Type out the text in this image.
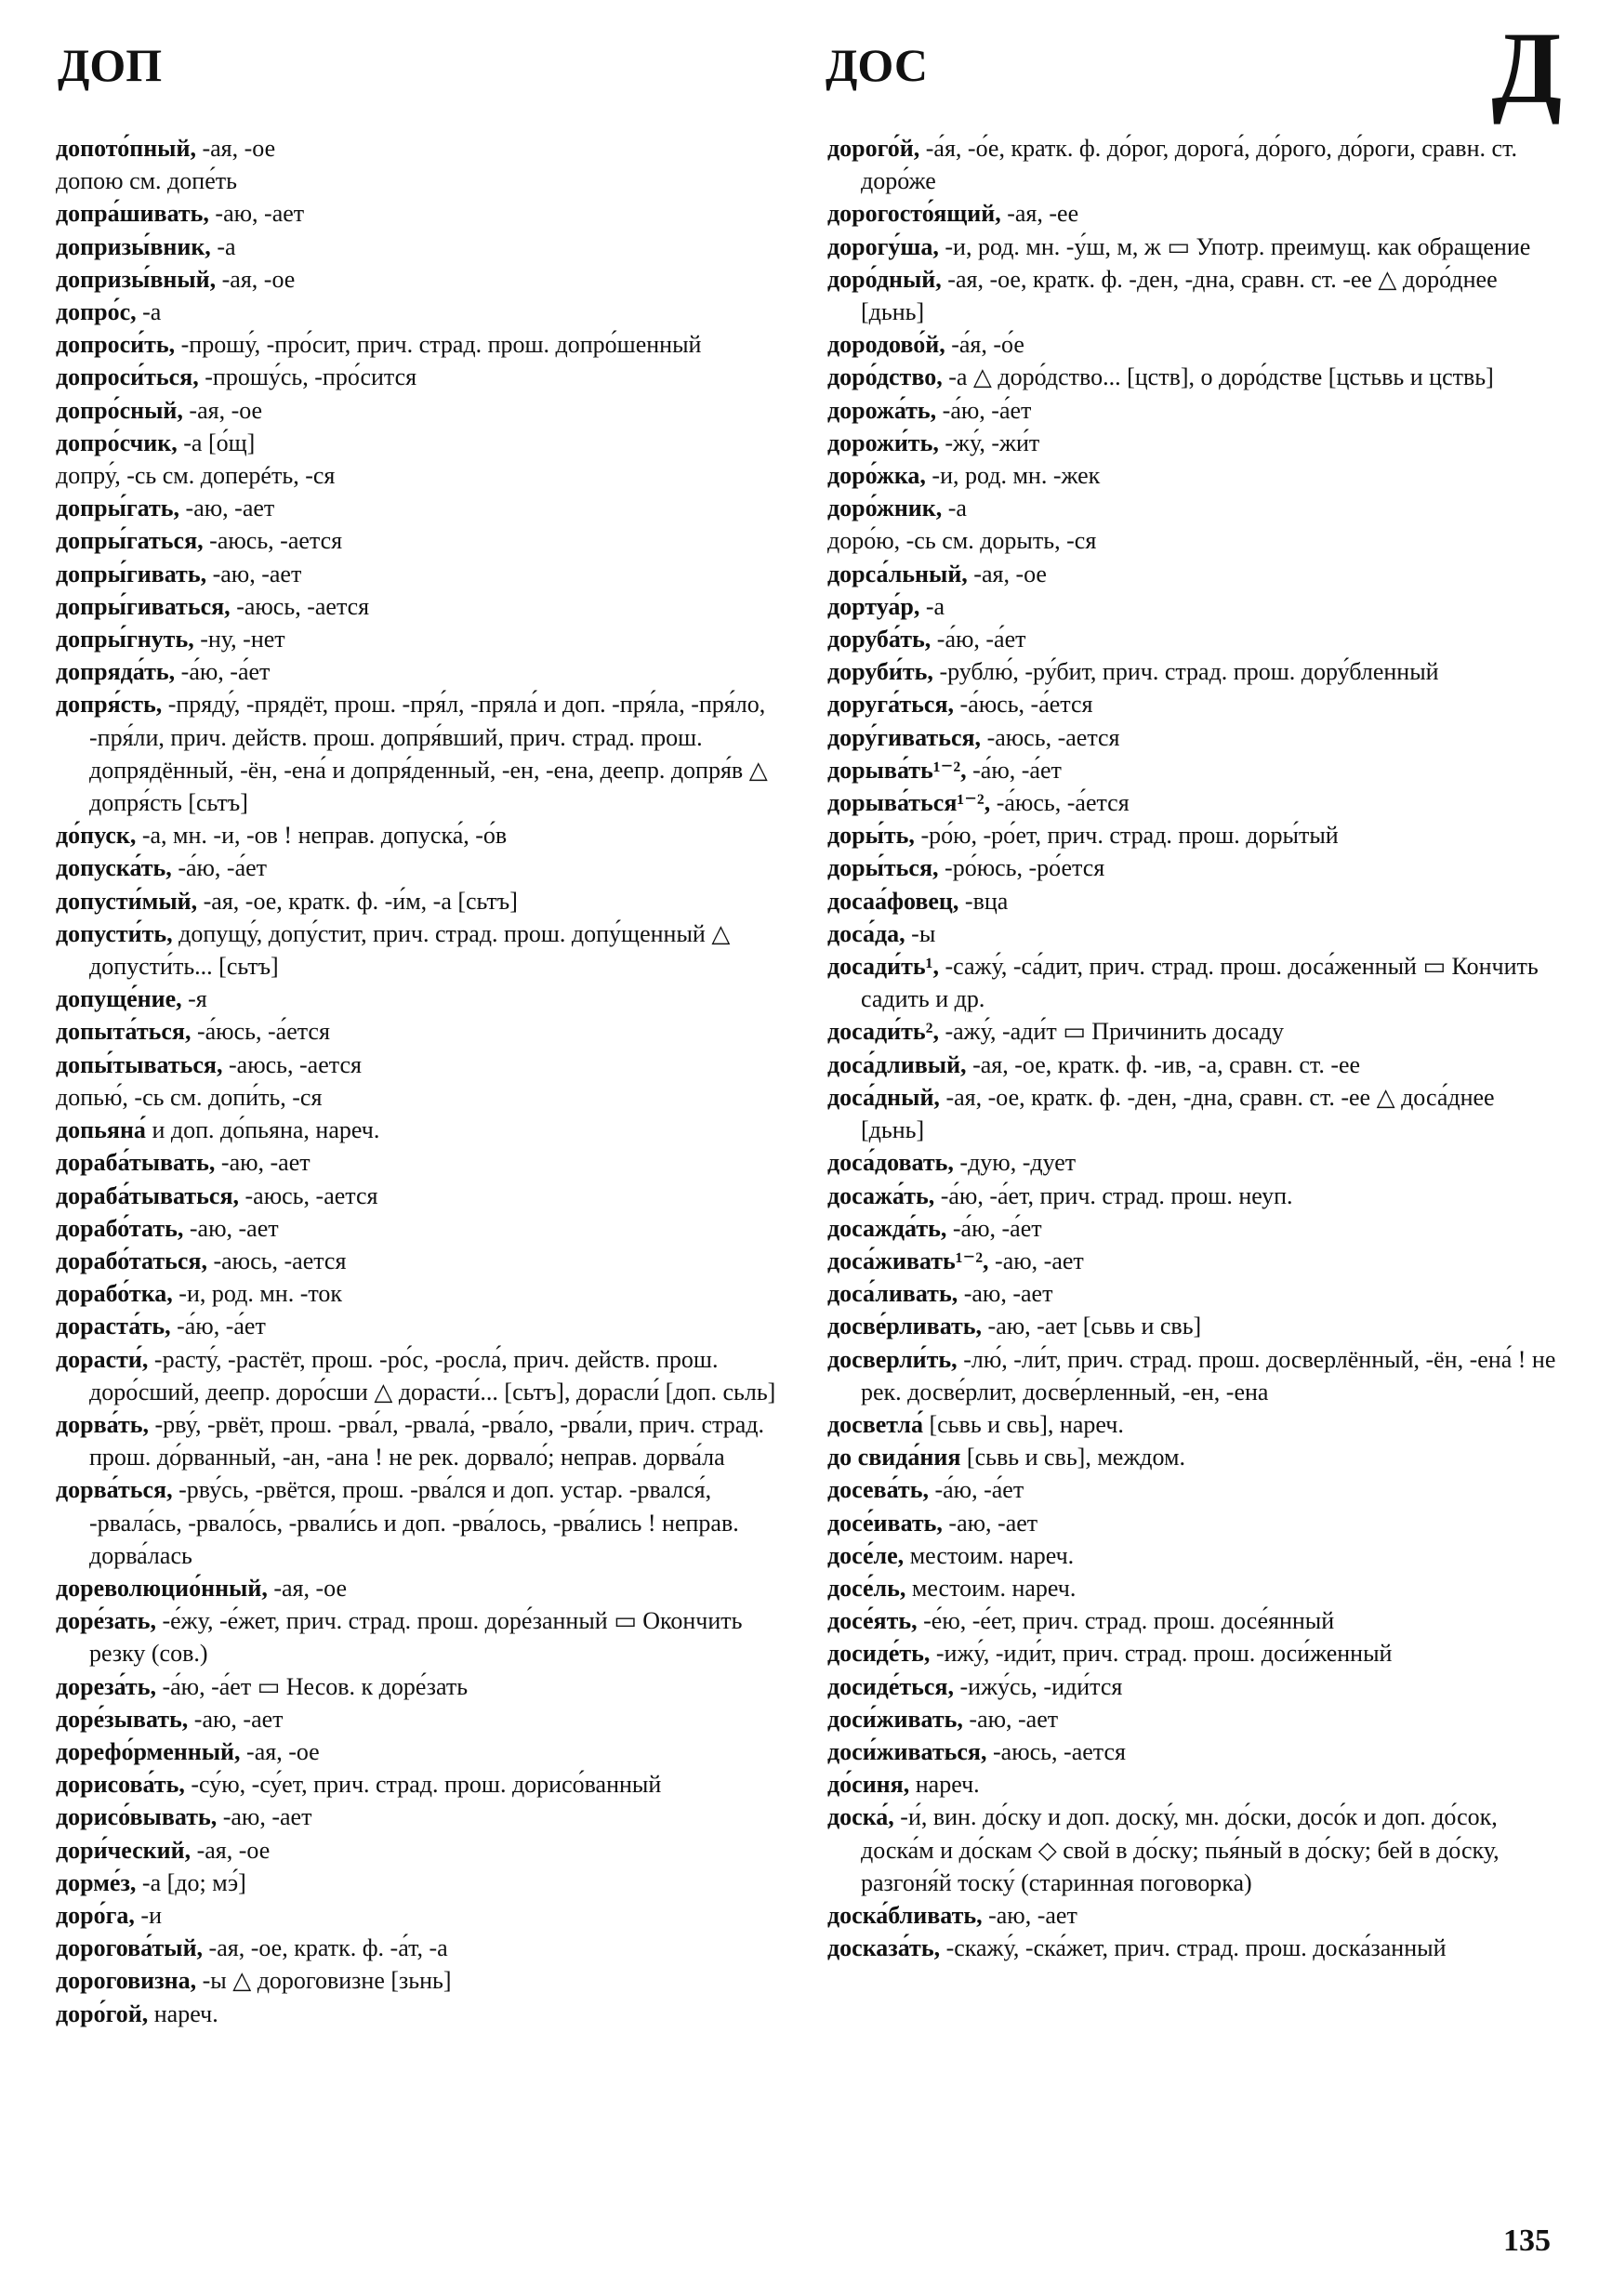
ДОП	ДОС	Д
допото́пный, -ая, -ое
допою см. допе́ть
допра́шивать, -аю, -ает
допризы́вник, -а
допризы́вный, -ая, -ое
допро́с, -а
допроси́ть, -прошу́, -про́сит, прич. страд. прош. допро́шенный
допроси́ться, -прошу́сь, -про́сится
допро́сный, -ая, -ое
допро́счик, -а [о́щ]
допру́, -сь см. доперéть, -ся
допры́гать, -аю, -ает
допры́гаться, -аюсь, -ается
допры́гивать, -аю, -ает
допры́гиваться, -аюсь, -ается
допры́гнуть, -ну, -нет
допряда́ть, -а́ю, -а́ет
допря́сть, -пряду́, -прядёт, прош. -пря́л, -пряла́ и доп. -пря́ла, -пря́ло, -пря́ли, прич. действ. прош. допря́вший, прич. страд. прош. допрядённый, -ён, -ена́ и допря́денный, -ен, -ена, деепр. допря́в △ допря́сть [сьтъ]
до́пуск, -а, мн. -и, -ов ! неправ. допуска́, -о́в
допуска́ть, -а́ю, -а́ет
допусти́мый, -ая, -ое, кратк. ф. -и́м, -а [сьтъ]
допусти́ть, допущу́, допу́стит, прич. страд. прош. допу́щенный △ допусти́ть... [сьтъ]
допуще́ние, -я
допыта́ться, -а́юсь, -а́ется
допы́тываться, -аюсь, -ается
допью́, -сь см. допи́ть, -ся
допьяна́ и доп. до́пьяна, нареч.
дораба́тывать, -аю, -ает
дораба́тываться, -аюсь, -ается
дорабо́тать, -аю, -ает
дорабо́таться, -аюсь, -ается
дорабо́тка, -и, род. мн. -ток
дораста́ть, -а́ю, -а́ет
дорасти́, -расту́, -растёт, прош. -ро́с, -росла́, прич. действ. прош. доро́сший, деепр. доро́сши △ дорасти́... [сьтъ], дорасли́ [доп. сьль]
дорва́ть, -рву́, -рвёт, прош. -рва́л, -рвала́, -рва́ло, -рва́ли, прич. страд. прош. до́рванный, -ан, -ана ! не рек. дорвало́; неправ. дорва́ла
дорва́ться, -рву́сь, -рвётся, прош. -рва́лся и доп. устар. -рвался́, -рвала́сь, -рвало́сь, -рвали́сь и доп. -рва́лось, -рва́лись ! неправ. дорва́лась
дореволюцио́нный, -ая, -ое
доре́зать, -е́жу, -е́жет, прич. страд. прош. доре́занный ▭ Окончить резку (сов.)
дореза́ть, -а́ю, -а́ет ▭ Несов. к доре́зать
доре́зывать, -аю, -ает
дорефо́рменный, -ая, -ое
дорисова́ть, -су́ю, -су́ет, прич. страд. прош. дорисо́ванный
дорисо́вывать, -аю, -ает
дори́ческий, -ая, -ое
дорме́з, -а [до; мэ́]
доро́га, -и
дорогова́тый, -ая, -ое, кратк. ф. -а́т, -а
дороговизна, -ы △ дороговизне [зьнь]
доро́гой, нареч.
дорого́й, -а́я, -о́е, кратк. ф. до́рог, дорога́, до́рого, до́роги, сравн. ст. доро́же
дорогосто́ящий, -ая, -ее
дорогу́ша, -и, род. мн. -у́ш, м, ж ▭ Употр. преимущ. как обращение
доро́дный, -ая, -ое, кратк. ф. -ден, -дна, сравн. ст. -ее △ доро́днее [дьнь]
дородово́й, -а́я, -о́е
доро́дство, -а △ доро́дство... [цств], о доро́дстве [цстьвь и цствь]
дорожа́ть, -а́ю, -а́ет
дорожи́ть, -жу́, -жи́т
доро́жка, -и, род. мн. -жек
доро́жник, -а
доро́ю, -сь см. дорыть, -ся
дорса́льный, -ая, -ое
дортуа́р, -а
доруба́ть, -а́ю, -а́ет
доруби́ть, -рублю́, -ру́бит, прич. страд. прош. дору́бленный
доруга́ться, -а́юсь, -а́ется
дору́гиваться, -аюсь, -ается
дорыва́ть¹⁻², -а́ю, -а́ет
дорыва́ться¹⁻², -а́юсь, -а́ется
доры́ть, -ро́ю, -ро́ет, прич. страд. прош. доры́тый
доры́ться, -ро́юсь, -ро́ется
досаа́фовец, -вца
доса́да, -ы
досади́ть¹, -сажу́, -са́дит, прич. страд. прош. доса́женный ▭ Кончить садить и др.
досади́ть², -ажу́, -ади́т ▭ Причинить досаду
доса́дливый, -ая, -ое, кратк. ф. -ив, -а, сравн. ст. -ее
доса́дный, -ая, -ое, кратк. ф. -ден, -дна, сравн. ст. -ее △ доса́днее [дьнь]
доса́довать, -дую, -дует
досажа́ть, -а́ю, -а́ет, прич. страд. прош. неуп.
досажда́ть, -а́ю, -а́ет
доса́живать¹⁻², -аю, -ает
доса́ливать, -аю, -ает
досве́рливать, -аю, -ает [сьвь и свь]
досверли́ть, -лю́, -ли́т, прич. страд. прош. досверлённый, -ён, -ена́ ! не рек. досве́рлит, досве́рленный, -ен, -ена
досветла́ [сьвь и свь], нареч.
до свида́ния [сьвь и свь], междом.
досева́ть, -а́ю, -а́ет
досе́ивать, -аю, -ает
досе́ле, местоим. нареч.
досе́ль, местоим. нареч.
досе́ять, -е́ю, -е́ет, прич. страд. прош. досе́янный
досиде́ть, -ижу́, -иди́т, прич. страд. прош. доси́женный
досиде́ться, -ижу́сь, -иди́тся
доси́живать, -аю, -ает
доси́живаться, -аюсь, -ается
до́синя, нареч.
доска́, -и́, вин. до́ску и доп. доску́, мн. до́ски, досо́к и доп. до́сок, доска́м и до́скам ◇ свой в до́ску; пья́ный в до́ску; бей в до́ску, разгоня́й тоску́ (старинная поговорка)
доска́бливать, -аю, -ает
досказа́ть, -скажу́, -ска́жет, прич. страд. прош. доска́занный
135
